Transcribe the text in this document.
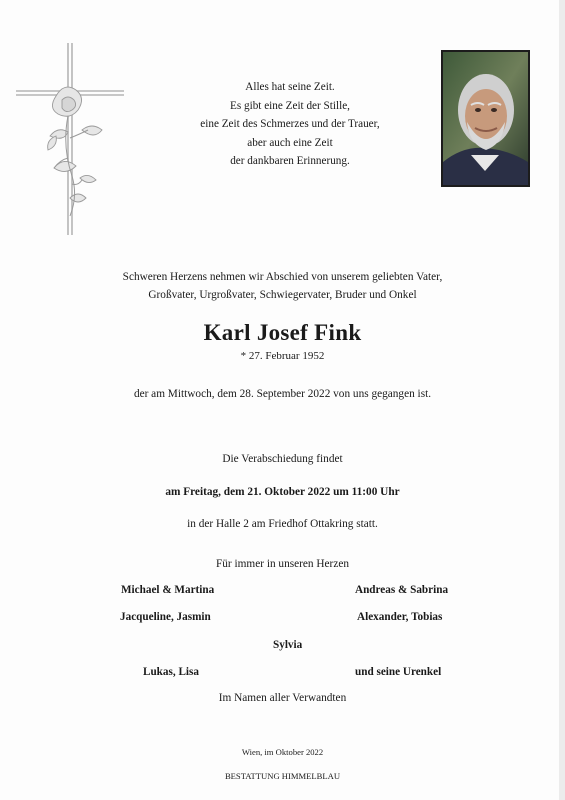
Alles hat seine Zeit.
Es gibt eine Zeit der Stille,
eine Zeit des Schmerzes und der Trauer,
aber auch eine Zeit
der dankbaren Erinnerung.
Schweren Herzens nehmen wir Abschied von unserem geliebten Vater,
Großvater, Urgroßvater, Schwiegervater, Bruder und Onkel
Karl Josef Fink
* 27. Februar 1952
der am Mittwoch, dem 28. September 2022 von uns gegangen ist.
Die Verabschiedung findet
am Freitag, dem 21. Oktober 2022 um 11:00 Uhr
in der Halle 2 am Friedhof Ottakring statt.
Für immer in unseren Herzen
Michael & Martina	Andreas & Sabrina
Jacqueline, Jasmin	Alexander, Tobias
Sylvia
Lukas, Lisa	und seine Urenkel
Im Namen aller Verwandten
Wien, im Oktober 2022
BESTATTUNG HIMMELBLAU
